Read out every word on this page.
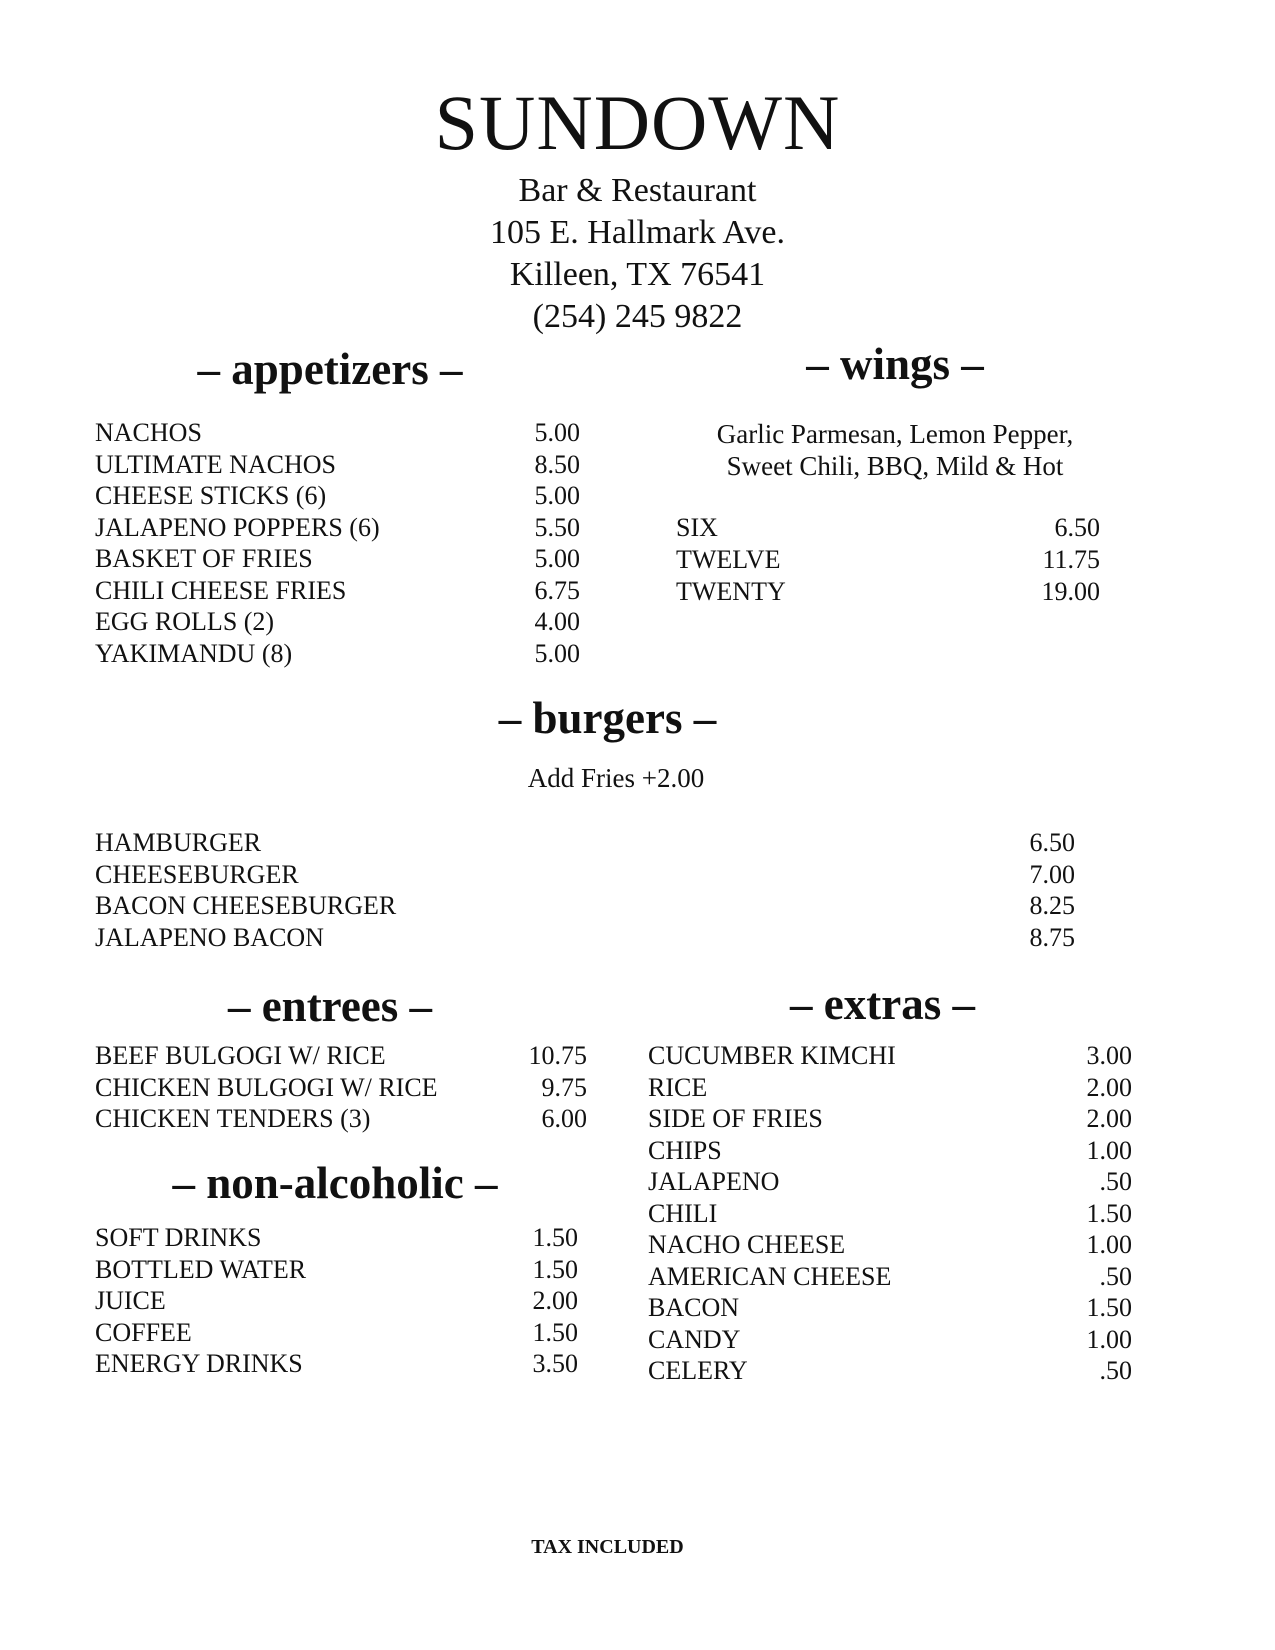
SUNDOWN
Bar & Restaurant
105 E. Hallmark Ave.
Killeen, TX 76541
(254) 245 9822
– appetizers –
NACHOS	5.00
ULTIMATE NACHOS	8.50
CHEESE STICKS (6)	5.00
JALAPENO POPPERS (6)	5.50
BASKET OF FRIES	5.00
CHILI CHEESE FRIES	6.75
EGG ROLLS (2)	4.00
YAKIMANDU (8)	5.00
– wings –
Garlic Parmesan, Lemon Pepper,
Sweet Chili, BBQ, Mild & Hot
SIX	6.50
TWELVE	11.75
TWENTY	19.00
– burgers –
Add Fries +2.00
HAMBURGER	6.50
CHEESEBURGER	7.00
BACON CHEESEBURGER	8.25
JALAPENO BACON	8.75
– entrees –
BEEF BULGOGI W/ RICE	10.75
CHICKEN BULGOGI W/ RICE	9.75
CHICKEN TENDERS (3)	6.00
– non-alcoholic –
SOFT DRINKS	1.50
BOTTLED WATER	1.50
JUICE	2.00
COFFEE	1.50
ENERGY DRINKS	3.50
– extras –
CUCUMBER KIMCHI	3.00
RICE	2.00
SIDE OF FRIES	2.00
CHIPS	1.00
JALAPENO	.50
CHILI	1.50
NACHO CHEESE	1.00
AMERICAN CHEESE	.50
BACON	1.50
CANDY	1.00
CELERY	.50
TAX INCLUDED
